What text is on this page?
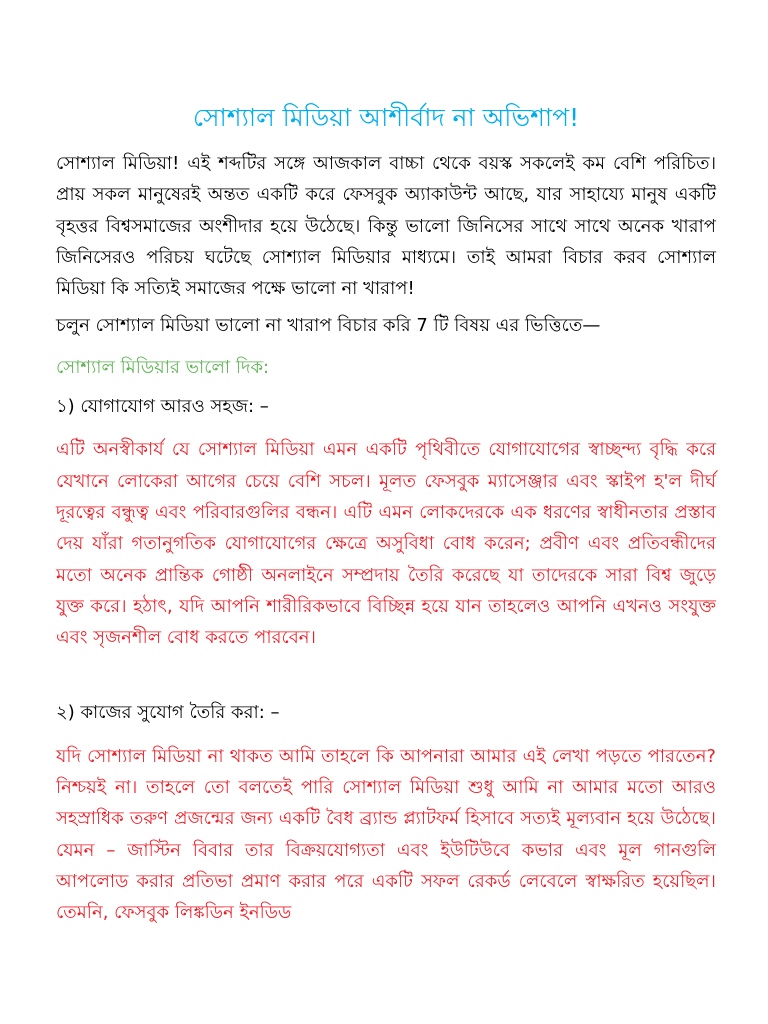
সোশ্যাল মিডিয়া আশীর্বাদ না অভিশাপ!

সোশ্যাল মিডিয়া! এই শব্দটির সঙ্গে আজকাল বাচ্চা থেকে বয়স্ক সকলেই কম বেশি পরিচিত। প্রায় সকল মানুষেরই অন্তত একটি করে ফেসবুক অ্যাকাউন্ট আছে, যার সাহায্যে মানুষ একটি বৃহত্তর বিশ্বসমাজের অংশীদার হয়ে উঠেছে। কিন্তু ভালো জিনিসের সাথে সাথে অনেক খারাপ জিনিসেরও পরিচয় ঘটেছে সোশ্যাল মিডিয়ার মাধ্যমে। তাই আমরা বিচার করব সোশ্যাল মিডিয়া কি সত্যিই সমাজের পক্ষে ভালো না খারাপ!

চলুন সোশ্যাল মিডিয়া ভালো না খারাপ বিচার করি 7 টি বিষয় এর ভিত্তিতে—

সোশ্যাল মিডিয়ার ভালো দিক:

১) যোগাযোগ আরও সহজ: –

এটি অনস্বীকার্য যে সোশ্যাল মিডিয়া এমন একটি পৃথিবীতে যোগাযোগের স্বাচ্ছন্দ্য বৃদ্ধি করে যেখানে লোকেরা আগের চেয়ে বেশি সচল। মূলত ফেসবুক ম্যাসেঞ্জার এবং স্কাইপ হ'ল দীর্ঘ দূরত্বের বন্ধুত্ব এবং পরিবারগুলির বন্ধন। এটি এমন লোকদেরকে এক ধরণের স্বাধীনতার প্রস্তাব দেয় যাঁরা গতানুগতিক যোগাযোগের ক্ষেত্রে অসুবিধা বোধ করেন; প্রবীণ এবং প্রতিবন্ধীদের মতো অনেক প্রান্তিক গোষ্ঠী অনলাইনে সম্প্রদায় তৈরি করেছে যা তাদেরকে সারা বিশ্ব জুড়ে যুক্ত করে। হঠাৎ, যদি আপনি শারীরিকভাবে বিচ্ছিন্ন হয়ে যান তাহলেও আপনি এখনও সংযুক্ত এবং সৃজনশীল বোধ করতে পারবেন।

২) কাজের সুযোগ তৈরি করা: –

যদি সোশ্যাল মিডিয়া না থাকত আমি তাহলে কি আপনারা আমার এই লেখা পড়তে পারতেন? নিশ্চয়ই না। তাহলে তো বলতেই পারি সোশ্যাল মিডিয়া শুধু আমি না আমার মতো আরও সহস্রাধিক তরুণ প্রজন্মের জন্য একটি বৈধ ব্র্যান্ড প্ল্যাটফর্ম হিসাবে সত্যই মূল্যবান হয়ে উঠেছে। যেমন – জাস্টিন বিবার তার বিক্রয়যোগ্যতা এবং ইউটিউবে কভার এবং মূল গানগুলি আপলোড করার প্রতিভা প্রমাণ করার পরে একটি সফল রেকর্ড লেবেলে স্বাক্ষরিত হয়েছিল। তেমনি, ফেসবুক লিঙ্কডিন ইনডিড
